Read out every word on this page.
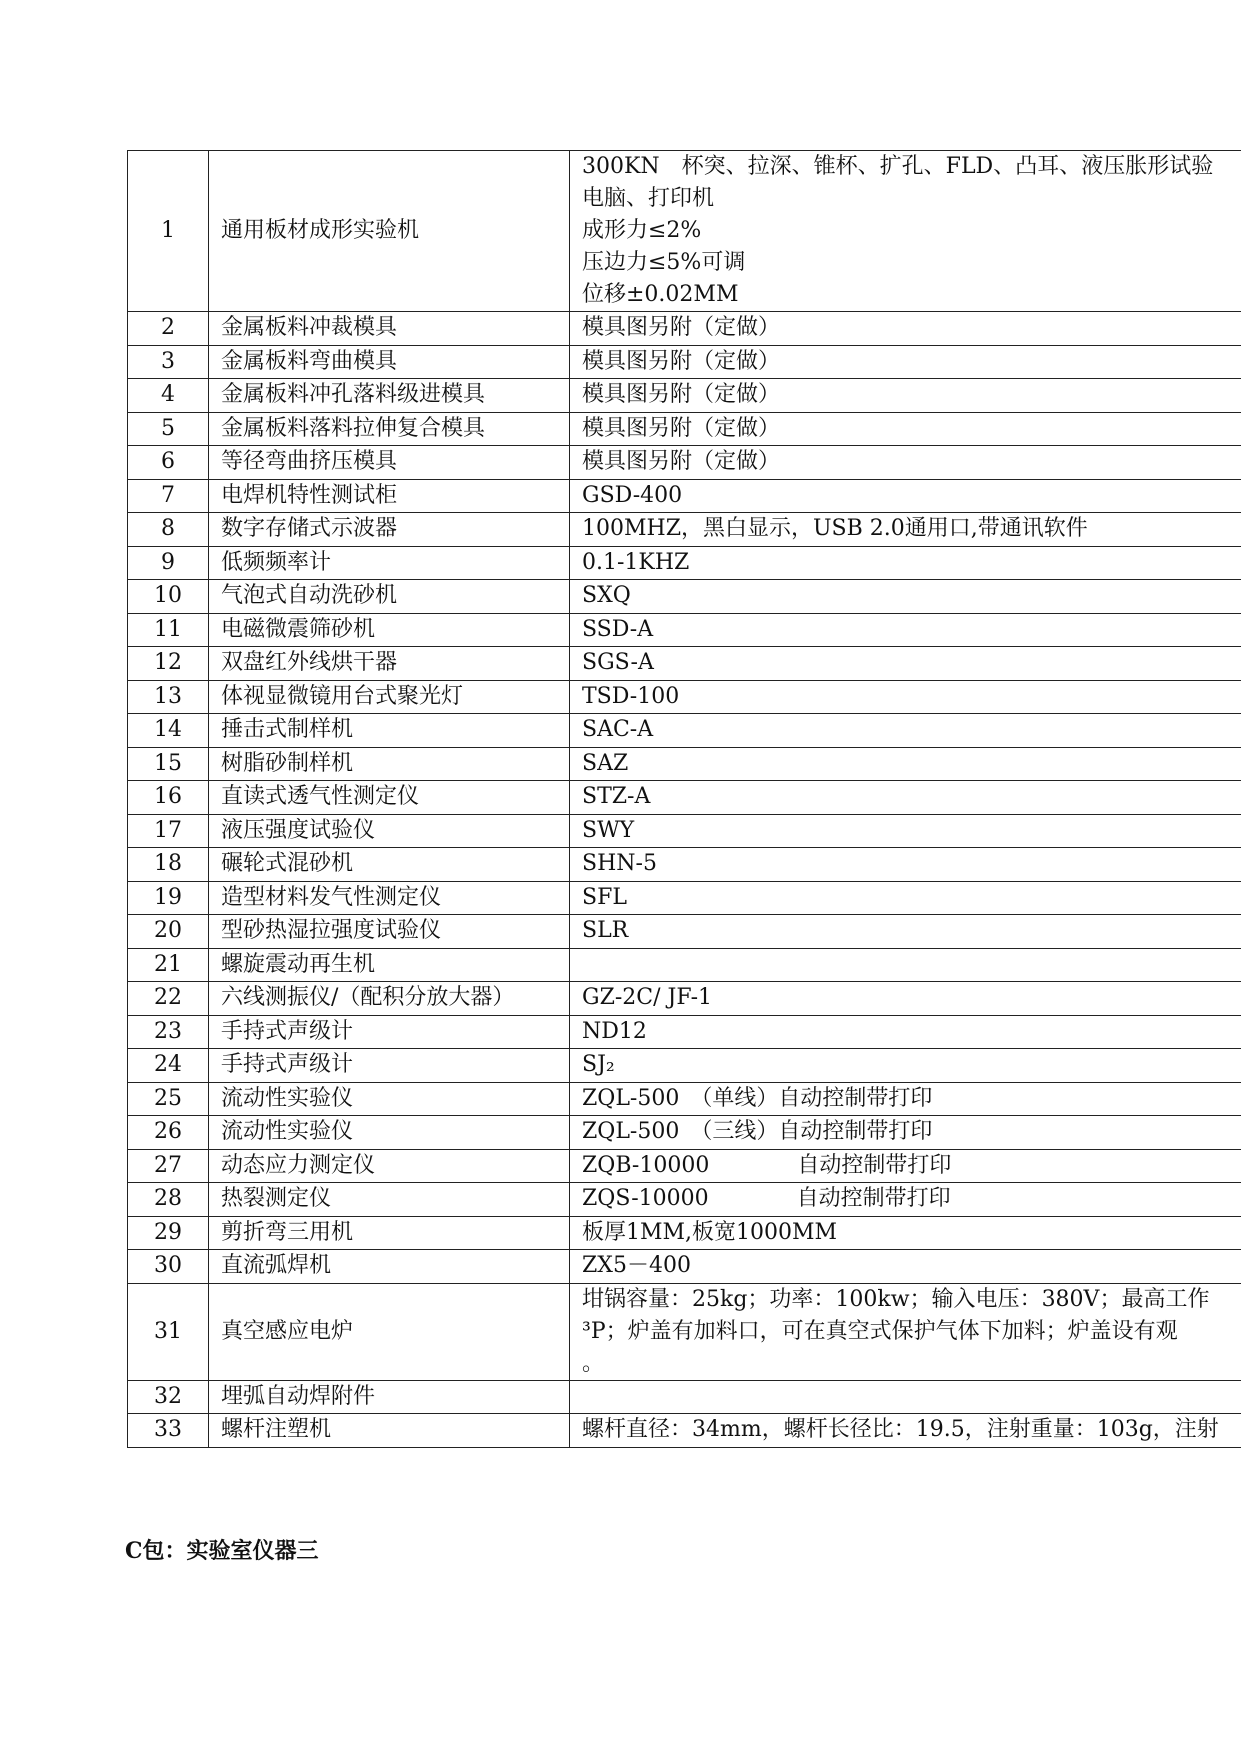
1	通用板材成形实验机	300KN　杯突、拉深、锥杯、扩孔、FLD、凸耳、液压胀形试验
电脑、打印机
成形力≤2%
压边力≤5%可调
位移±0.02MM

2	金属板料冲裁模具	模具图另附（定做）

3	金属板料弯曲模具	模具图另附（定做）

4	金属板料冲孔落料级进模具	模具图另附（定做）

5	金属板料落料拉伸复合模具	模具图另附（定做）

6	等径弯曲挤压模具	模具图另附（定做）

7	电焊机特性测试柜	GSD-400

8	数字存储式示波器	100MHZ，黑白显示，USB 2.0通用口,带通讯软件

9	低频频率计	0.1-1KHZ

10	气泡式自动洗砂机	SXQ

11	电磁微震筛砂机	SSD-A

12	双盘红外线烘干器	SGS-A

13	体视显微镜用台式聚光灯	TSD-100

14	捶击式制样机	SAC-A

15	树脂砂制样机	SAZ

16	直读式透气性测定仪	STZ-A

17	液压强度试验仪	SWY

18	碾轮式混砂机	SHN-5

19	造型材料发气性测定仪	SFL

20	型砂热湿拉强度试验仪	SLR

21	螺旋震动再生机	

22	六线测振仪/（配积分放大器）	GZ-2C/ JF-1

23	手持式声级计	ND12

24	手持式声级计	SJ₂

25	流动性实验仪	ZQL-500　（单线）自动控制带打印

26	流动性实验仪	ZQL-500　（三线）自动控制带打印

27	动态应力测定仪	ZQB-10000　　　　自动控制带打印

28	热裂测定仪	ZQS-10000　　　　自动控制带打印

29	剪折弯三用机	板厚1MM,板宽1000MM

30	直流弧焊机	ZX5－400

31	真空感应电炉	坩锅容量：25kg；功率：100kw；输入电压：380V；最高工作
³P；炉盖有加料口，可在真空式保护气体下加料；炉盖设有观
。

32	埋弧自动焊附件	

33	螺杆注塑机	螺杆直径：34mm，螺杆长径比：19.5，注射重量：103g，注射
C包：实验室仪器三
